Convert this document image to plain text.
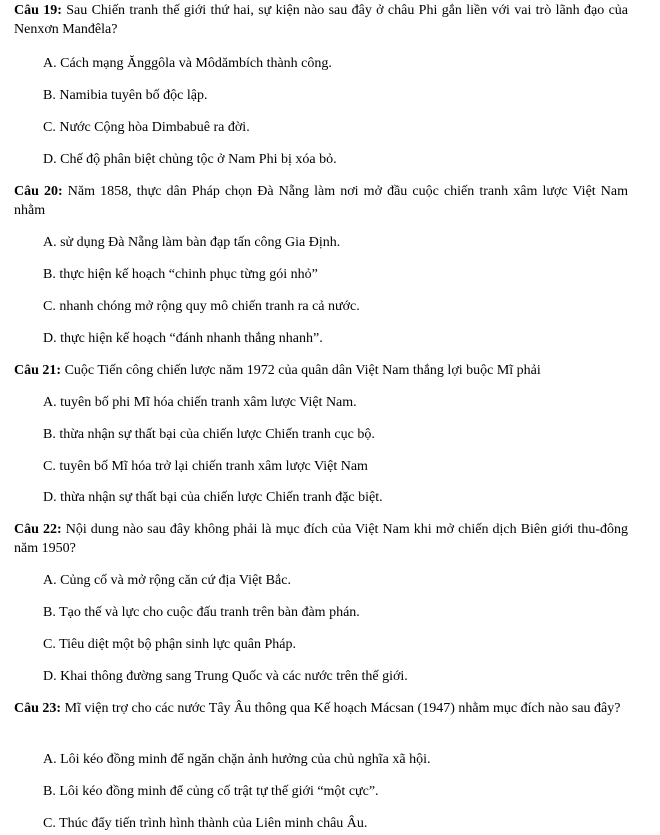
Câu 19: Sau Chiến tranh thế giới thứ hai, sự kiện nào sau đây ở châu Phi gắn liền với vai trò lãnh đạo của Nenxơn Manđêla?
A. Cách mạng Ănggôla và Môdămbích thành công.
B. Namibia tuyên bố độc lập.
C. Nước Cộng hòa Dimbabuê ra đời.
D. Chế độ phân biệt chủng tộc ở Nam Phi bị xóa bỏ.
Câu 20: Năm 1858, thực dân Pháp chọn Đà Nẵng làm nơi mở đầu cuộc chiến tranh xâm lược Việt Nam nhằm
A. sử dụng Đà Nẵng làm bàn đạp tấn công Gia Định.
B. thực hiện kế hoạch “chinh phục từng gói nhỏ”
C. nhanh chóng mở rộng quy mô chiến tranh ra cả nước.
D. thực hiện kế hoạch “đánh nhanh thắng nhanh”.
Câu 21: Cuộc Tiến công chiến lược năm 1972 của quân dân Việt Nam thắng lợi buộc Mĩ phải
A. tuyên bố phi Mĩ hóa chiến tranh xâm lược Việt Nam.
B. thừa nhận sự thất bại của chiến lược Chiến tranh cục bộ.
C. tuyên bố Mĩ hóa trở lại chiến tranh xâm lược Việt Nam
D. thừa nhận sự thất bại của chiến lược Chiến tranh đặc biệt.
Câu 22: Nội dung nào sau đây không phải là mục đích của Việt Nam khi mở chiến dịch Biên giới thu-đông năm 1950?
A. Củng cố và mở rộng căn cứ địa Việt Bắc.
B. Tạo thế và lực cho cuộc đấu tranh trên bàn đàm phán.
C. Tiêu diệt một bộ phận sinh lực quân Pháp.
D. Khai thông đường sang Trung Quốc và các nước trên thế giới.
Câu 23: Mĩ viện trợ cho các nước Tây Âu thông qua Kế hoạch Mácsan (1947) nhằm mục đích nào sau đây?
A. Lôi kéo đồng minh để ngăn chặn ảnh hưởng của chủ nghĩa xã hội.
B. Lôi kéo đồng minh để củng cố trật tự thế giới “một cực”.
C. Thúc đẩy tiến trình hình thành của Liên minh châu Âu.
